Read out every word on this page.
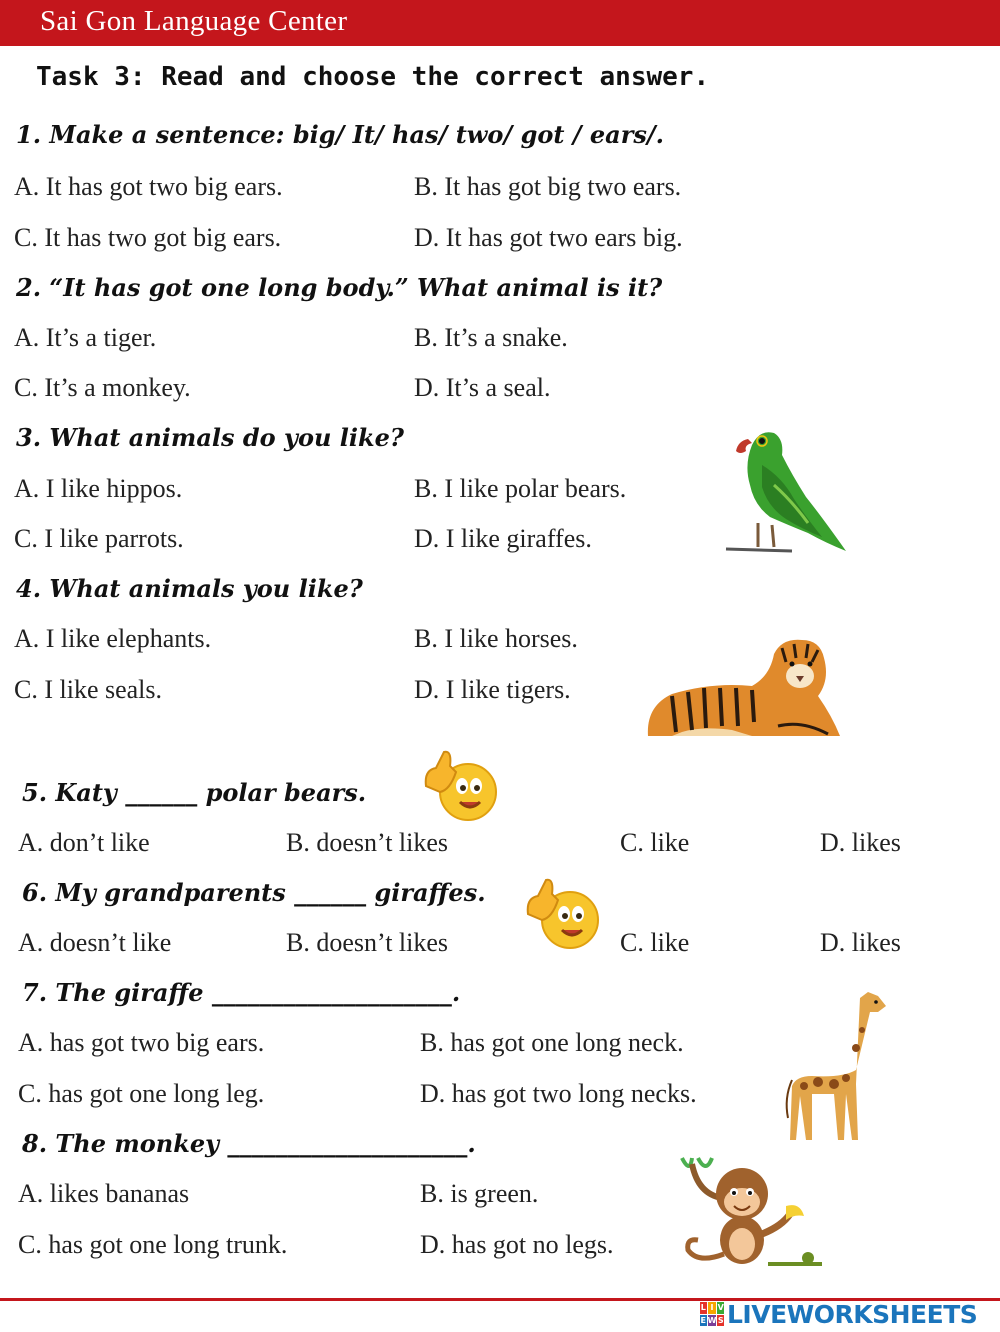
Sai Gon Language Center
Task 3: Read and choose the correct answer.
1. Make a sentence: big/ It/ has/ two/ got / ears/.
A. It has got two big ears.	B. It has got big two ears.
C. It has two got big ears.	D. It has got two ears big.
2. “It has got one long body.” What animal is it?
A. It’s a tiger.	B. It’s a snake.
C. It’s a monkey.	D. It’s a seal.
3. What animals do you like?
A. I like hippos.	B. I like polar bears.
C. I like parrots.	D. I like giraffes.
4. What animals you like?
A. I like elephants.	B. I like horses.
C. I like seals.	D. I like tigers.
5. Katy ______ polar bears.
A. don’t like	B. doesn’t likes	C. like	D. likes
6. My grandparents ______ giraffes.
A. doesn’t like	B. doesn’t likes	C. like	D. likes
7. The giraffe ____________________.
A. has got two big ears.	B. has got one long neck.
C. has got one long leg.	D. has got two long necks.
8. The monkey ____________________.
A. likes bananas	B. is green.
C. has got one long trunk.	D. has got no legs.
L I V
E W S LIVEWORKSHEETS
